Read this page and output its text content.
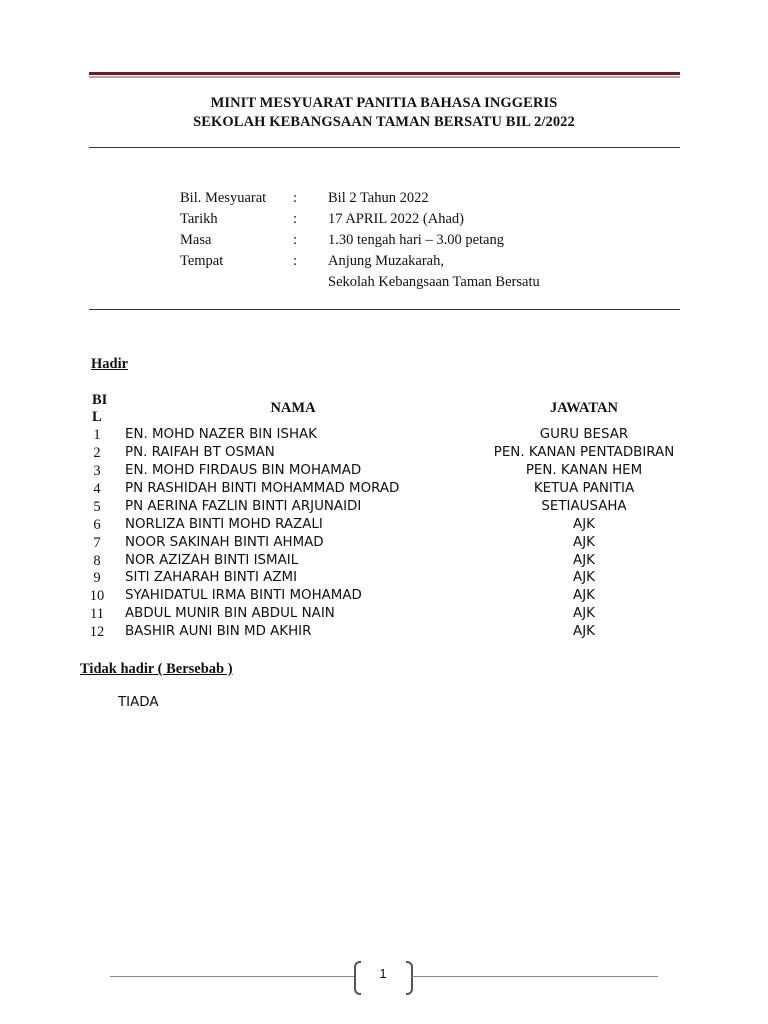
MINIT MESYUARAT PANITIA BAHASA INGGERIS
SEKOLAH KEBANGSAAN TAMAN BERSATU BIL 2/2022
Bil. Mesyuarat : Bil 2 Tahun 2022
Tarikh	: 17 APRIL 2022 (Ahad)
Masa	: 1.30 tengah hari – 3.00 petang
Tempat	: Anjung Muzakarah,
Sekolah Kebangsaan Taman Bersatu
Hadir
BI
L
NAMA	JAWATAN
1	EN. MOHD NAZER BIN ISHAK	GURU BESAR
2	PN. RAIFAH BT OSMAN	PEN. KANAN PENTADBIRAN
3	EN. MOHD FIRDAUS BIN MOHAMAD	PEN. KANAN HEM
4	PN RASHIDAH BINTI MOHAMMAD MORAD	KETUA PANITIA
5	PN AERINA FAZLIN BINTI ARJUNAIDI	SETIAUSAHA
6	NORLIZA BINTI MOHD RAZALI	AJK
7	NOOR SAKINAH BINTI AHMAD	AJK
8	NOR AZIZAH BINTI ISMAIL	AJK
9	SITI ZAHARAH BINTI AZMI	AJK
10	SYAHIDATUL IRMA BINTI MOHAMAD	AJK
11	ABDUL MUNIR BIN ABDUL NAIN	AJK
12	BASHIR AUNI BIN MD AKHIR	AJK
Tidak hadir ( Bersebab )
TIADA
1
